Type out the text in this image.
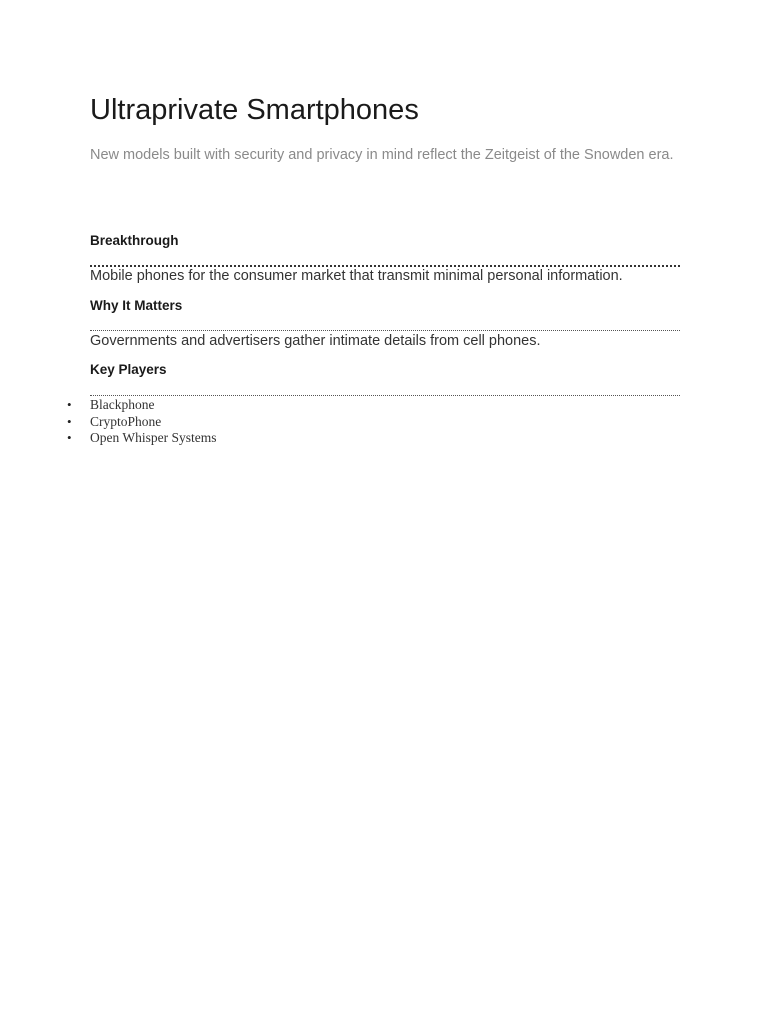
Ultraprivate Smartphones

New models built with security and privacy in mind reflect the Zeitgeist of the Snowden era.

Breakthrough

Mobile phones for the consumer market that transmit minimal personal information.

Why It Matters

Governments and advertisers gather intimate details from cell phones.

Key Players
• Blackphone
• CryptoPhone
• Open Whisper Systems
